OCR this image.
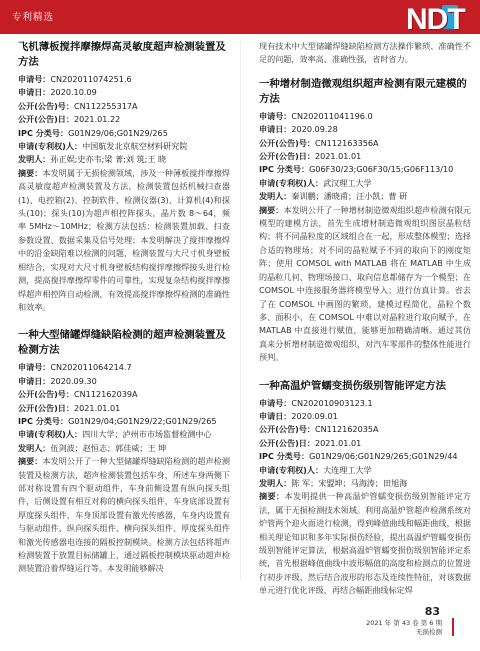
专利精选	NDT
飞机薄板搅拌摩擦焊高灵敏度超声检测装置及方法
申请号：CN202011074251.6
申请日：2020.10.09
公开(公告)号：CN112255317A
公开(公告)日：2021.01.22
IPC 分类号：G01N29/06;G01N29/265
申请(专利权)人：中国航发北京航空材料研究院
发明人：孙正娱;史亦韦;梁 菁;刘 筑;王 晓

摘要：本发明属于无损检测领域，涉及一种薄板搅拌摩擦焊高灵敏度超声检测装置及方法，检测装置包括机械扫查器(1)、电控箱(2)、控制软件、检测仪器(3)、计算机(4)和探头(10)；探头(10)为超声相控阵探头，晶片数 8～64，频率 5MHz～10MHz；检测方法包括：检测装置加载、扫查参数设置、数据采集及信号处理；本发明解决了搅拌摩擦焊中的沿金缺陷难以检测的问题，检测装置与大尺寸机身壁板相结合，实现对大尺寸机身壁板结构搅拌摩擦焊接头进行检测，提高搅拌摩擦焊零件的可靠性，实现复杂结构搅拌摩擦焊超声相控阵自动检测，有效提高搅拌摩擦焊检测的准确性和效率。

一种大型储罐焊缝缺陷检测的超声检测装置及检测方法
申请号：CN202011064214.7
申请日：2020.09.30
公开(公告)号：CN112162039A
公开(公告)日：2021.01.01
IPC 分类号：G01N29/04;G01N29/22;G01N29/265
申请(专利权)人：四川大学；泸州市市场监督检测中心
发明人：伍剑波；赵恒志；郭佳威；王 坤

摘要：本发明公开了一种大型储罐焊缝缺陷检测的超声检测装置及检测方法，超声检测装置包括车身，所述车身两侧下部对称设置有四个驱动组件，车身前侧设置有纵向探头组件，后侧设置有相互对称的横向探头组件，车身底部设置有厚度探头组件，车身顶部设置有激光传感器，车身内设置有与驱动组件、纵向探头组件、横向探头组件、厚度探头组件和激光传感器电连接的隔板控制模块。检测方法包括将超声检测装置于放置目标储罐上，通过隔板控制模块驱动超声检测装置沿着焊缝运行等。本发明能够解决

现有技术中大型储罐焊缝缺陷检测方法操作繁琐、准确性不足的问题，效率高、准确性强，省时省力。

一种增材制造微观组织超声检测有限元建模的方法
申请号：CN202011041196.0
申请日：2020.09.28
公开(公告)号：CN112163356A
公开(公告)日：2021.01.01
IPC 分类号：G06F30/23;G06F30/15;G06F113/10
申请(专利权)人：武汉理工大学
发明人：秦训鹏；潘晓甫；汪小凯；曹 研

摘要：本发明公开了一种增材制造微观组织超声检测有限元模型的建模方法，首先生成增材制造微观组织图层晶粒结构；将不同晶粒度的区域组合在一起，形成整体模型；选择合适的物理场；对不同的晶粒赋予不同的取向下的刚度矩阵；使用 COMSOL with MATLAB 将在 MATLAB 中生成的晶粒几何、物理场接口、取向信息都储存为一个模型；在 COMSOL 中连接服务器将模型导入；进行仿真计算。省去了在 COMSOL 中画图的繁琐，建模过程简化，晶粒个数多、面积小，在 COMSOL 中难以对晶粒进行取向赋予，在 MATLAB 中直接进行赋值，能够更加精确清晰。通过其仿真来分析增材制造微观组织，对汽车零部件的整体性能进行预判。

一种高温炉管蠕变损伤级别智能评定方法
申请号：CN202010903123.1
申请日：2020.09.01
公开(公告)号：CN112162035A
公开(公告)日：2021.01.01
IPC 分类号：G01N29/06;G01N29/265;G01N29/44
申请(专利权)人：大连理工大学
发明人：陈 军；宋盟坤；马海涛；田旭海

摘要：本发明提供一种高温炉管蠕变损伤级别智能评定方法，属于无损检测技术领域。利用高温炉管超声检测系统对炉管两个迎火面进行检测，得到峰值曲线和幅距曲线，根据相关理论知识和多年实际损伤经验，提出高温炉管蠕变损伤级别智能评定算法，根据高温炉管蠕变损伤级别智能评定系统，首先根据峰值曲线中波形幅值的高度和检测点的位置进行初步评级，然后结合波形的形态及连续性特征，对该数据单元进行优化评级，再结合幅距曲线标定焊

83
2021 年 第 43 卷 第 6 期
无损检测
